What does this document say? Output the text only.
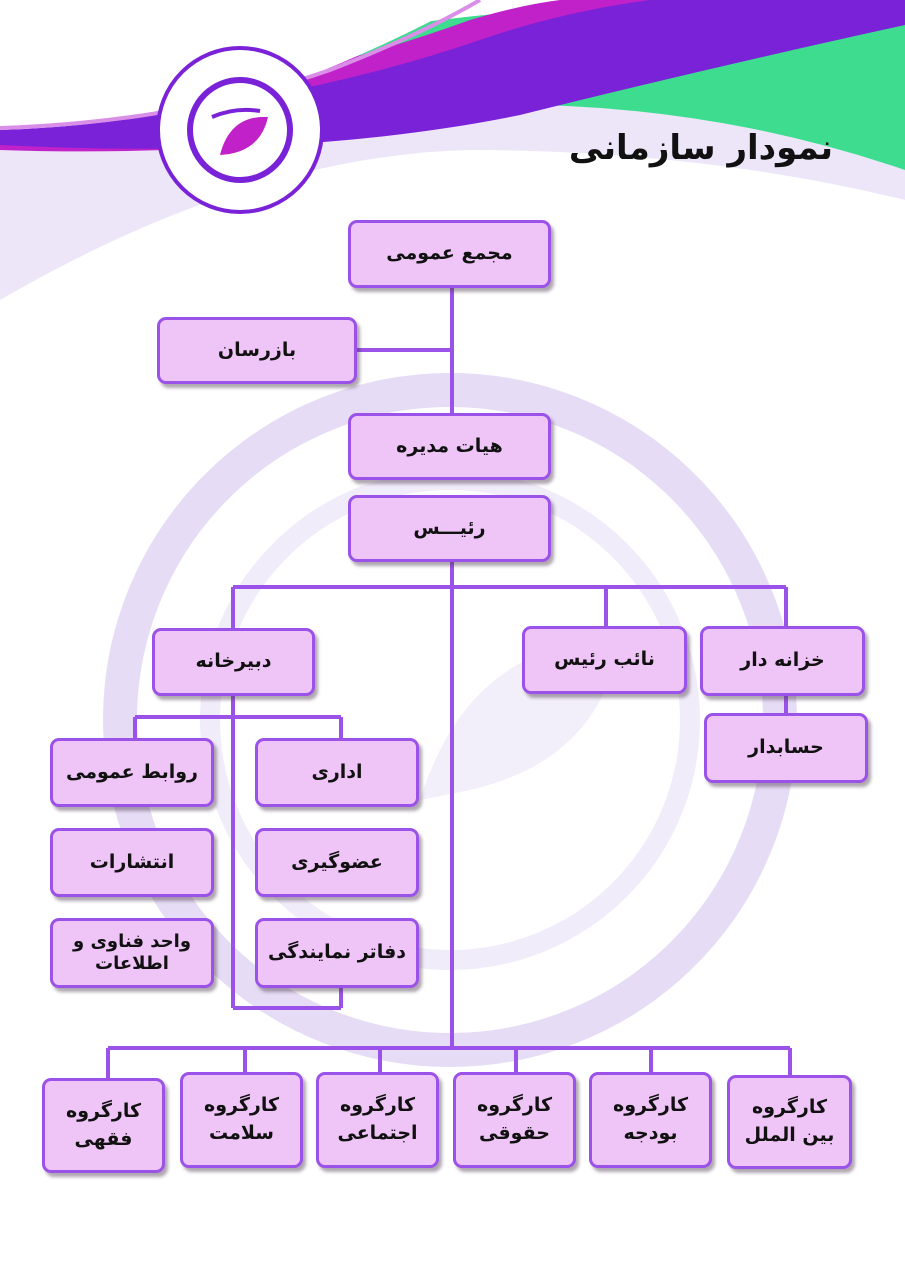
نمودار سازمانی
مجمع عمومی
بازرسان
هیات مدیره
رئیـــس
دبیرخانه	نائب رئیس	خزانه دار
حسابدار
روابط عمومی
انتشارات
واحد فناوی و
اطلاعات
اداری
عضوگیری
دفاتر نمایندگی
کارگروه
فقهی
کارگروه
سلامت
کارگروه
اجتماعی
کارگروه
حقوقی
کارگروه
بودجه
کارگروه
بین الملل
